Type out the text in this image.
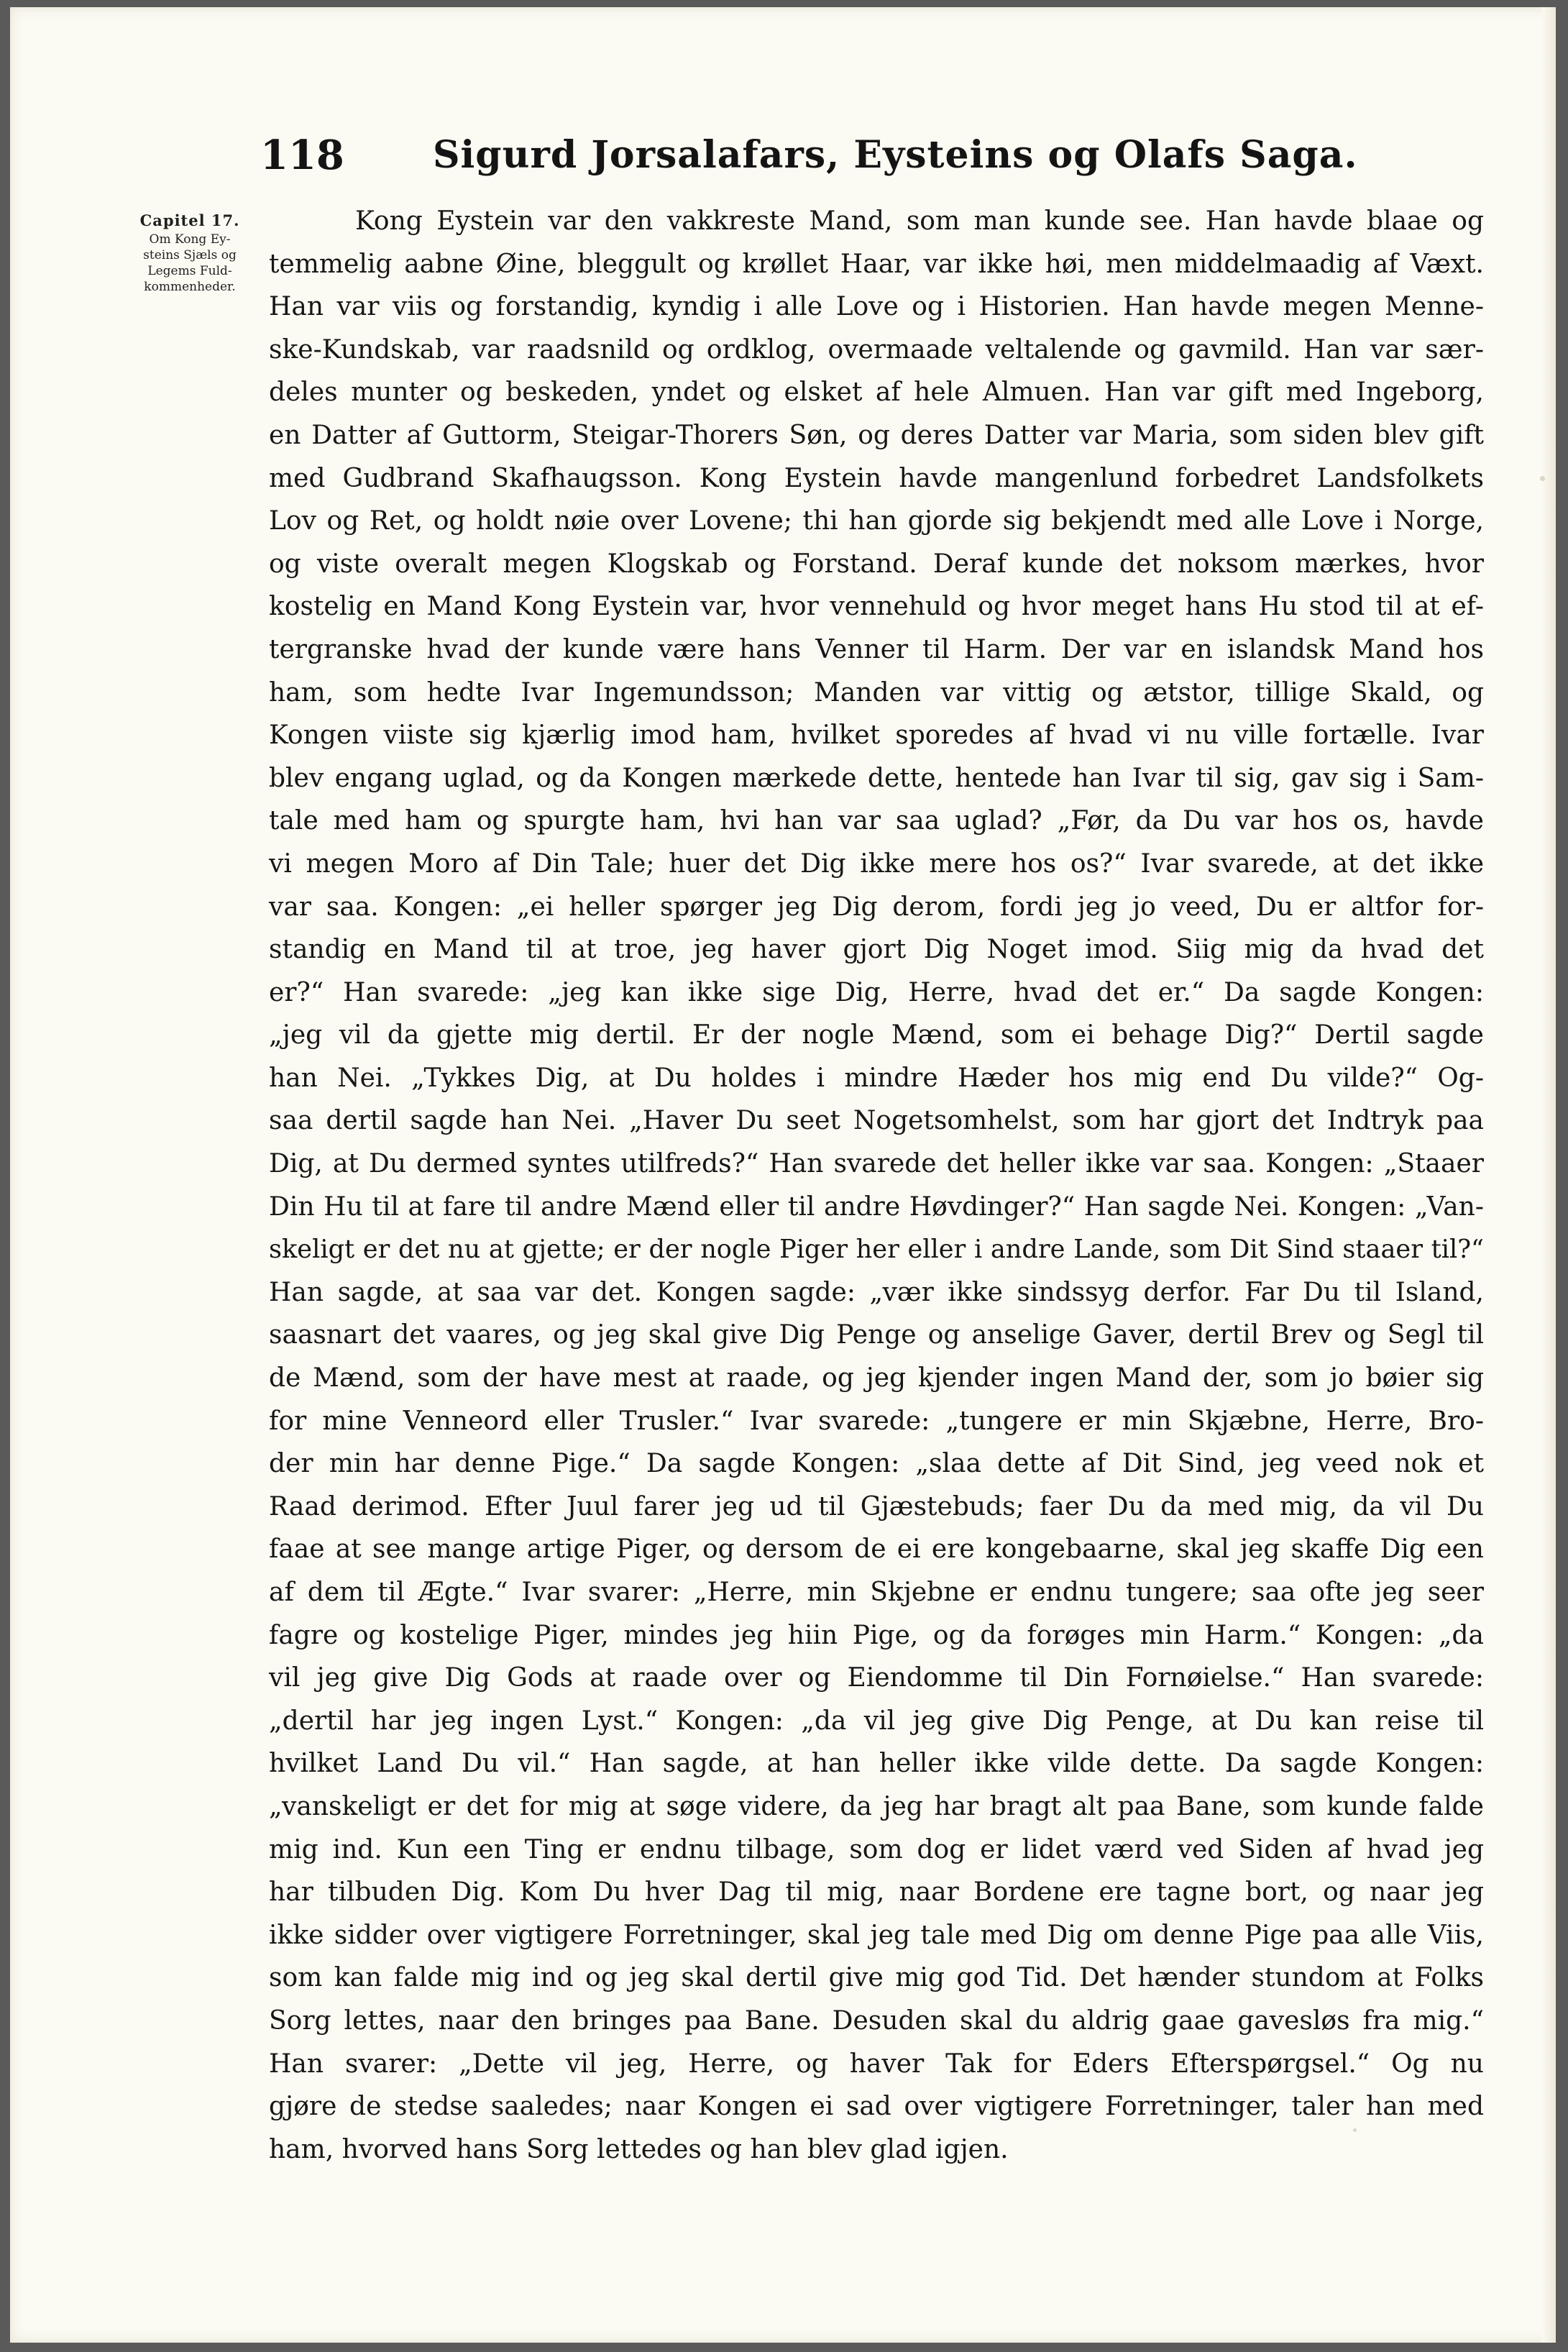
118 Sigurd Jorsalafars, Eysteins og Olafs Saga.
Capitel 17.
Om Kong Ey-
steins Sjæls og
Legems Fuld-
kommenheder.
Kong Eystein var den vakkreste Mand, som man kunde see. Han havde blaae og
temmelig aabne Øine, bleggult og krøllet Haar, var ikke høi, men middelmaadig af Væxt.
Han var viis og forstandig, kyndig i alle Love og i Historien. Han havde megen Menne-
ske-Kundskab, var raadsnild og ordklog, overmaade veltalende og gavmild. Han var sær-
deles munter og beskeden, yndet og elsket af hele Almuen. Han var gift med Ingeborg,
en Datter af Guttorm, Steigar-Thorers Søn, og deres Datter var Maria, som siden blev gift
med Gudbrand Skafhaugsson. Kong Eystein havde mangenlund forbedret Landsfolkets
Lov og Ret, og holdt nøie over Lovene; thi han gjorde sig bekjendt med alle Love i Norge,
og viste overalt megen Klogskab og Forstand. Deraf kunde det noksom mærkes, hvor
kostelig en Mand Kong Eystein var, hvor vennehuld og hvor meget hans Hu stod til at ef-
tergranske hvad der kunde være hans Venner til Harm. Der var en islandsk Mand hos
ham, som hedte Ivar Ingemundsson; Manden var vittig og ætstor, tillige Skald, og
Kongen viiste sig kjærlig imod ham, hvilket sporedes af hvad vi nu ville fortælle. Ivar
blev engang uglad, og da Kongen mærkede dette, hentede han Ivar til sig, gav sig i Sam-
tale med ham og spurgte ham, hvi han var saa uglad? „Før, da Du var hos os, havde
vi megen Moro af Din Tale; huer det Dig ikke mere hos os?“ Ivar svarede, at det ikke
var saa. Kongen: „ei heller spørger jeg Dig derom, fordi jeg jo veed, Du er altfor for-
standig en Mand til at troe, jeg haver gjort Dig Noget imod. Siig mig da hvad det
er?“ Han svarede: „jeg kan ikke sige Dig, Herre, hvad det er.“ Da sagde Kongen:
„jeg vil da gjette mig dertil. Er der nogle Mænd, som ei behage Dig?“ Dertil sagde
han Nei. „Tykkes Dig, at Du holdes i mindre Hæder hos mig end Du vilde?“ Og-
saa dertil sagde han Nei. „Haver Du seet Nogetsomhelst, som har gjort det Indtryk paa
Dig, at Du dermed syntes utilfreds?“ Han svarede det heller ikke var saa. Kongen: „Staaer
Din Hu til at fare til andre Mænd eller til andre Høvdinger?“ Han sagde Nei. Kongen: „Van-
skeligt er det nu at gjette; er der nogle Piger her eller i andre Lande, som Dit Sind staaer til?“
Han sagde, at saa var det. Kongen sagde: „vær ikke sindssyg derfor. Far Du til Island,
saasnart det vaares, og jeg skal give Dig Penge og anselige Gaver, dertil Brev og Segl til
de Mænd, som der have mest at raade, og jeg kjender ingen Mand der, som jo bøier sig
for mine Venneord eller Trusler.“ Ivar svarede: „tungere er min Skjæbne, Herre, Bro-
der min har denne Pige.“ Da sagde Kongen: „slaa dette af Dit Sind, jeg veed nok et
Raad derimod. Efter Juul farer jeg ud til Gjæstebuds; faer Du da med mig, da vil Du
faae at see mange artige Piger, og dersom de ei ere kongebaarne, skal jeg skaffe Dig een
af dem til Ægte.“ Ivar svarer: „Herre, min Skjebne er endnu tungere; saa ofte jeg seer
fagre og kostelige Piger, mindes jeg hiin Pige, og da forøges min Harm.“ Kongen: „da
vil jeg give Dig Gods at raade over og Eiendomme til Din Fornøielse.“ Han svarede:
„dertil har jeg ingen Lyst.“ Kongen: „da vil jeg give Dig Penge, at Du kan reise til
hvilket Land Du vil.“ Han sagde, at han heller ikke vilde dette. Da sagde Kongen:
„vanskeligt er det for mig at søge videre, da jeg har bragt alt paa Bane, som kunde falde
mig ind. Kun een Ting er endnu tilbage, som dog er lidet værd ved Siden af hvad jeg
har tilbuden Dig. Kom Du hver Dag til mig, naar Bordene ere tagne bort, og naar jeg
ikke sidder over vigtigere Forretninger, skal jeg tale med Dig om denne Pige paa alle Viis,
som kan falde mig ind og jeg skal dertil give mig god Tid. Det hænder stundom at Folks
Sorg lettes, naar den bringes paa Bane. Desuden skal du aldrig gaae gavesløs fra mig.“
Han svarer: „Dette vil jeg, Herre, og haver Tak for Eders Efterspørgsel.“ Og nu
gjøre de stedse saaledes; naar Kongen ei sad over vigtigere Forretninger, taler han med
ham, hvorved hans Sorg lettedes og han blev glad igjen.
